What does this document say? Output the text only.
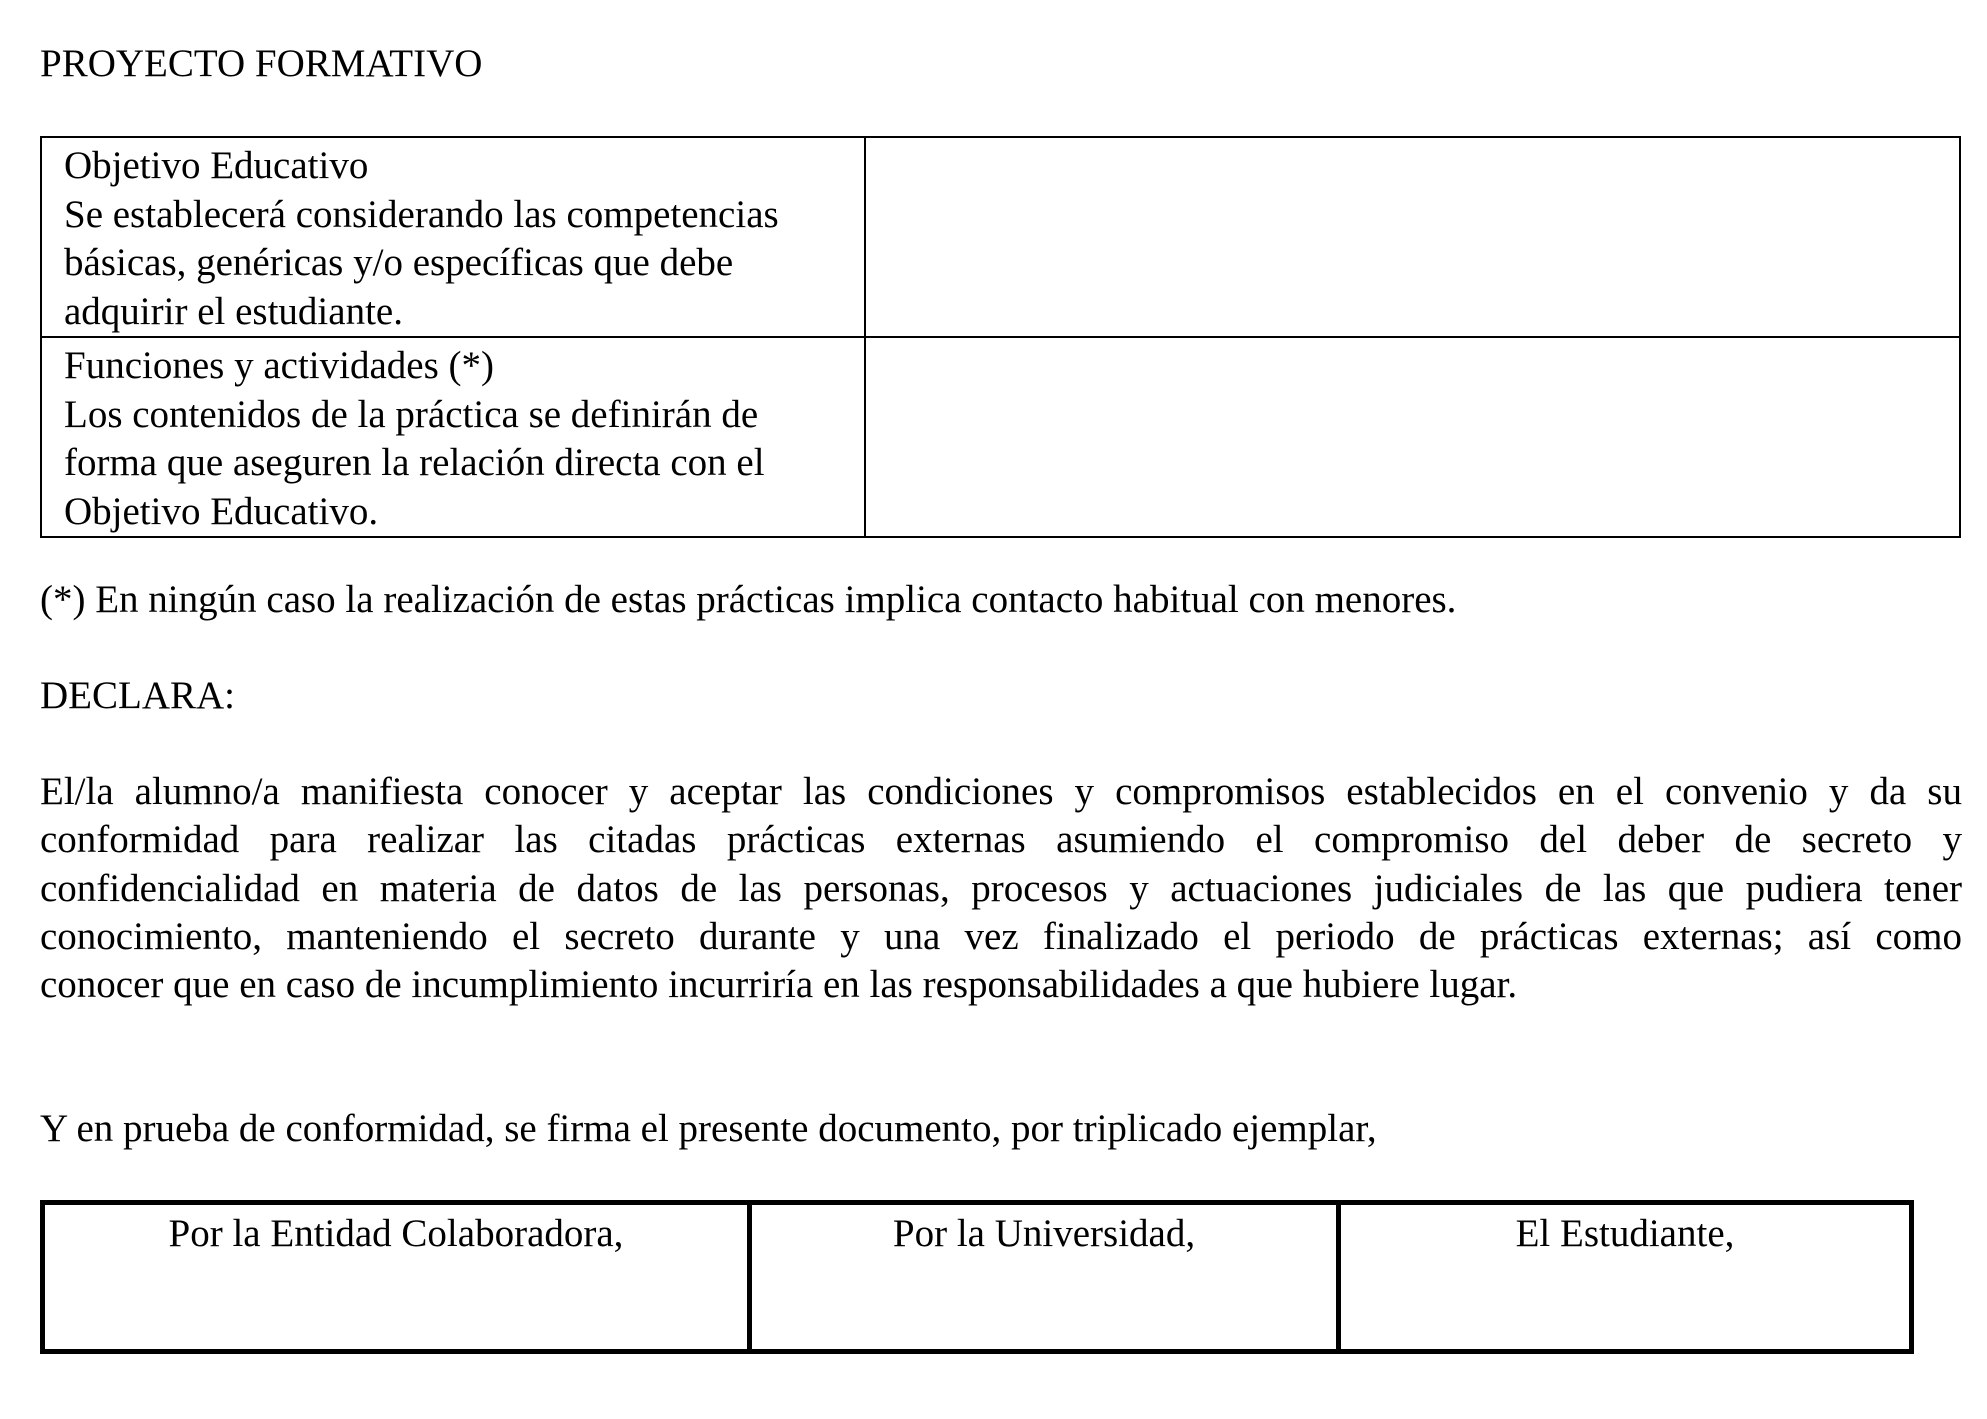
PROYECTO FORMATIVO
Objetivo Educativo
Se establecerá considerando las competencias
básicas, genéricas y/o específicas que debe
adquirir el estudiante.	

Funciones y actividades (*)
Los contenidos de la práctica se definirán de
forma que aseguren la relación directa con el
Objetivo Educativo.	

(*) En ningún caso la realización de estas prácticas implica contacto habitual con menores.
DECLARA:
El/la alumno/a manifiesta conocer y aceptar las condiciones y compromisos establecidos en el convenio y da su
conformidad para realizar las citadas prácticas externas asumiendo el compromiso del deber de secreto y
confidencialidad en materia de datos de las personas, procesos y actuaciones judiciales de las que pudiera tener
conocimiento, manteniendo el secreto durante y una vez finalizado el periodo de prácticas externas; así como
conocer que en caso de incumplimiento incurriría en las responsabilidades a que hubiere lugar.
Y en prueba de conformidad, se firma el presente documento, por triplicado ejemplar,
Por la Entidad Colaboradora,	Por la Universidad,	El Estudiante,
